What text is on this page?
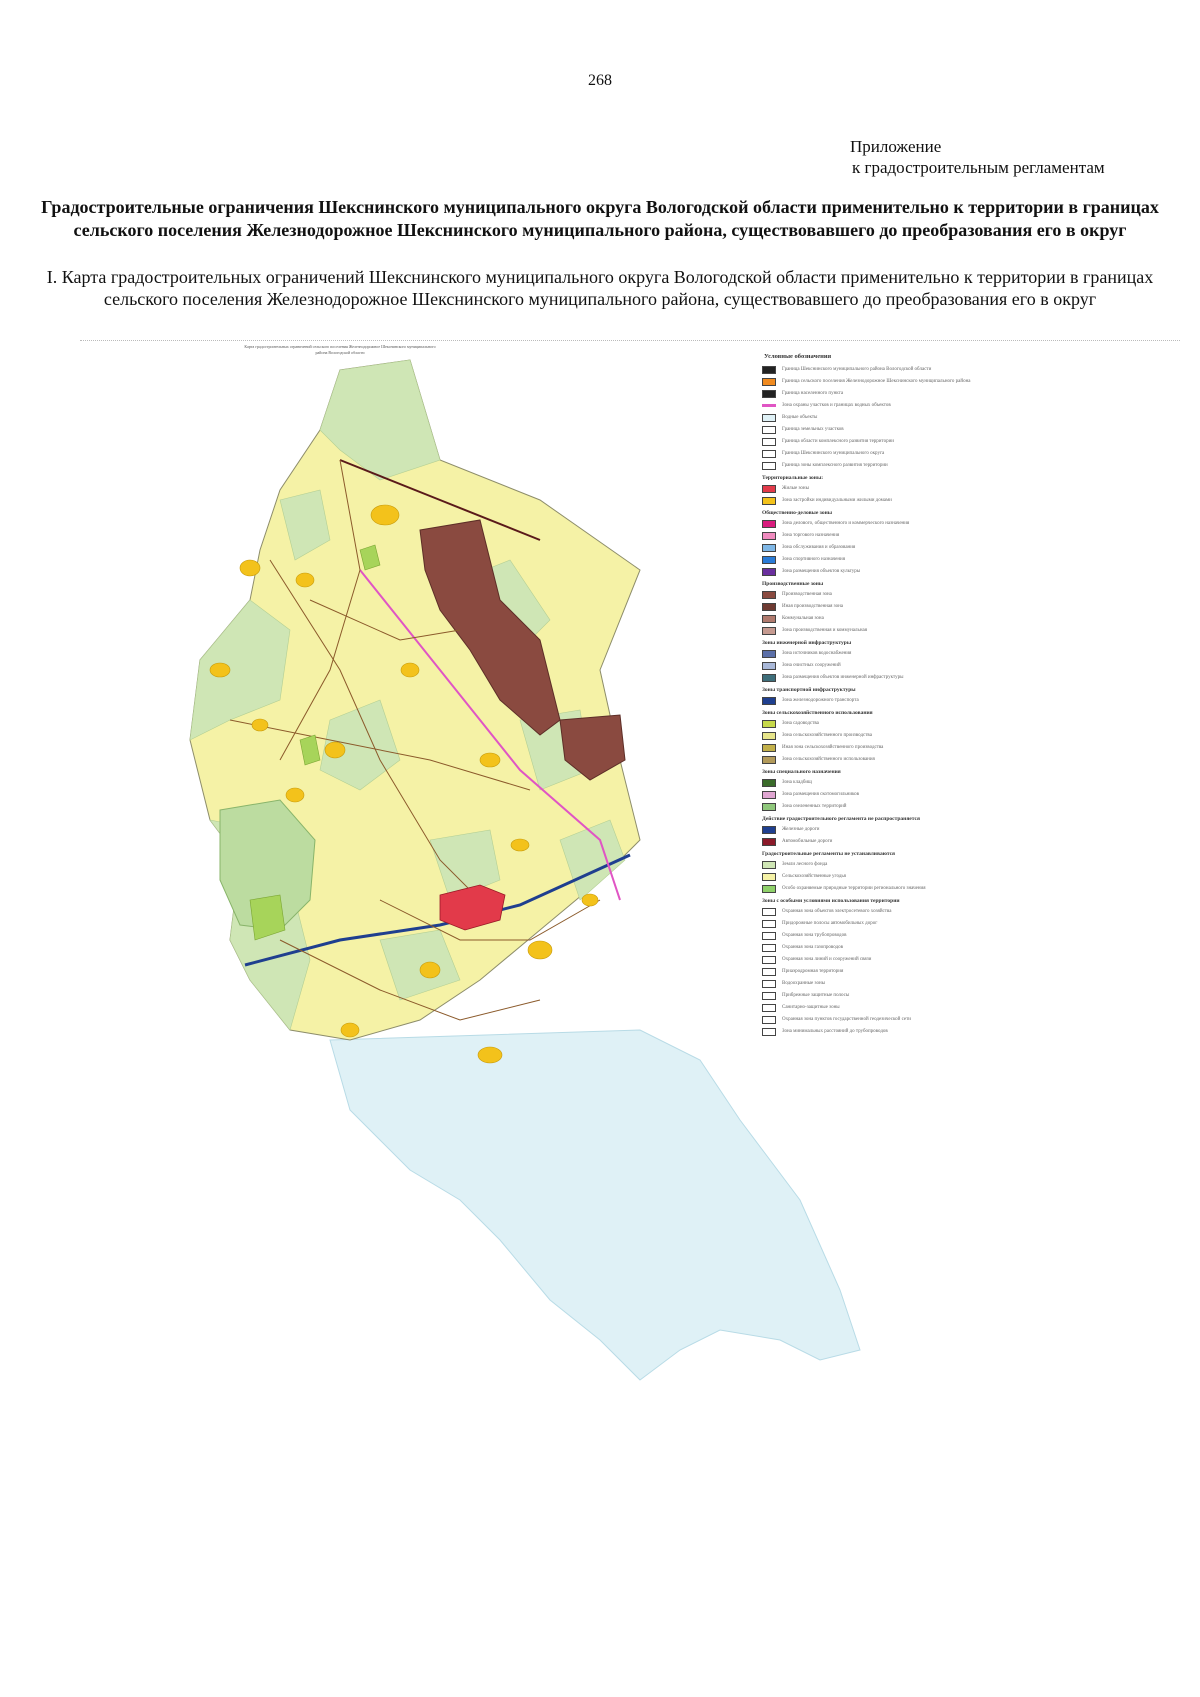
268
Приложение
к градостроительным регламентам
Градостроительные ограничения Шекснинского муниципального округа Вологодской области применительно к территории в границах сельского поселения Железнодорожное Шекснинского муниципального района, существовавшего до преобразования его в округ
I. Карта градостроительных ограничений Шекснинского муниципального округа Вологодской области применительно к территории в границах сельского поселения Железнодорожное Шекснинского муниципального района, существовавшего до преобразования его в округ
Карта градостроительных ограничений сельского поселения Железнодорожное Шекснинского муниципального района Вологодской области
Условные обозначения
Граница Шекснинского муниципального района Вологодской области
Граница сельского поселения Железнодорожное Шекснинского муниципального района
Граница населенного пункта
Зона охраны участков и границах водных объектов
Водные объекты
Граница земельных участков
Граница области комплексного развития территории
Граница Шекснинского муниципального округа
Граница зоны комплексного развития территории
Территориальные зоны:
Жилые зоны
Зона застройки индивидуальными жилыми домами
Общественно-деловые зоны
Зона делового, общественного и коммерческого назначения
Зона торгового назначения
Зона обслуживания и образования
Зона спортивного назначения
Зона размещения объектов культуры
Производственные зоны
Производственная зона
Иная производственная зона
Коммунальная зона
Зона производственная и коммунальная
Зоны инженерной инфраструктуры
Зона источников водоснабжения
Зона очистных сооружений
Зона размещения объектов инженерной инфраструктуры
Зоны транспортной инфраструктуры
Зона железнодорожного транспорта
Зоны сельскохозяйственного использования
Зона садоводства
Зона сельскохозяйственного производства
Иная зона сельскохозяйственного производства
Зона сельскохозяйственного использования
Зоны специального назначения
Зона кладбищ
Зона размещения скотомогильников
Зона озелененных территорий
Действие градостроительного регламента не распространяется
Железные дороги
Автомобильные дороги
Градостроительные регламенты не устанавливаются
Земли лесного фонда
Сельскохозяйственные угодья
Особо охраняемые природные территории регионального значения
Зоны с особыми условиями использования территории
Охранная зона объектов электросетевого хозяйства
Придорожные полосы автомобильных дорог
Охранная зона трубопроводов
Охранная зона газопроводов
Охранная зона линий и сооружений связи
Приаэродромная территория
Водоохранные зоны
Прибрежные защитные полосы
Санитарно-защитные зоны
Охранная зона пунктов государственной геодезической сети
Зона минимальных расстояний до трубопроводов
